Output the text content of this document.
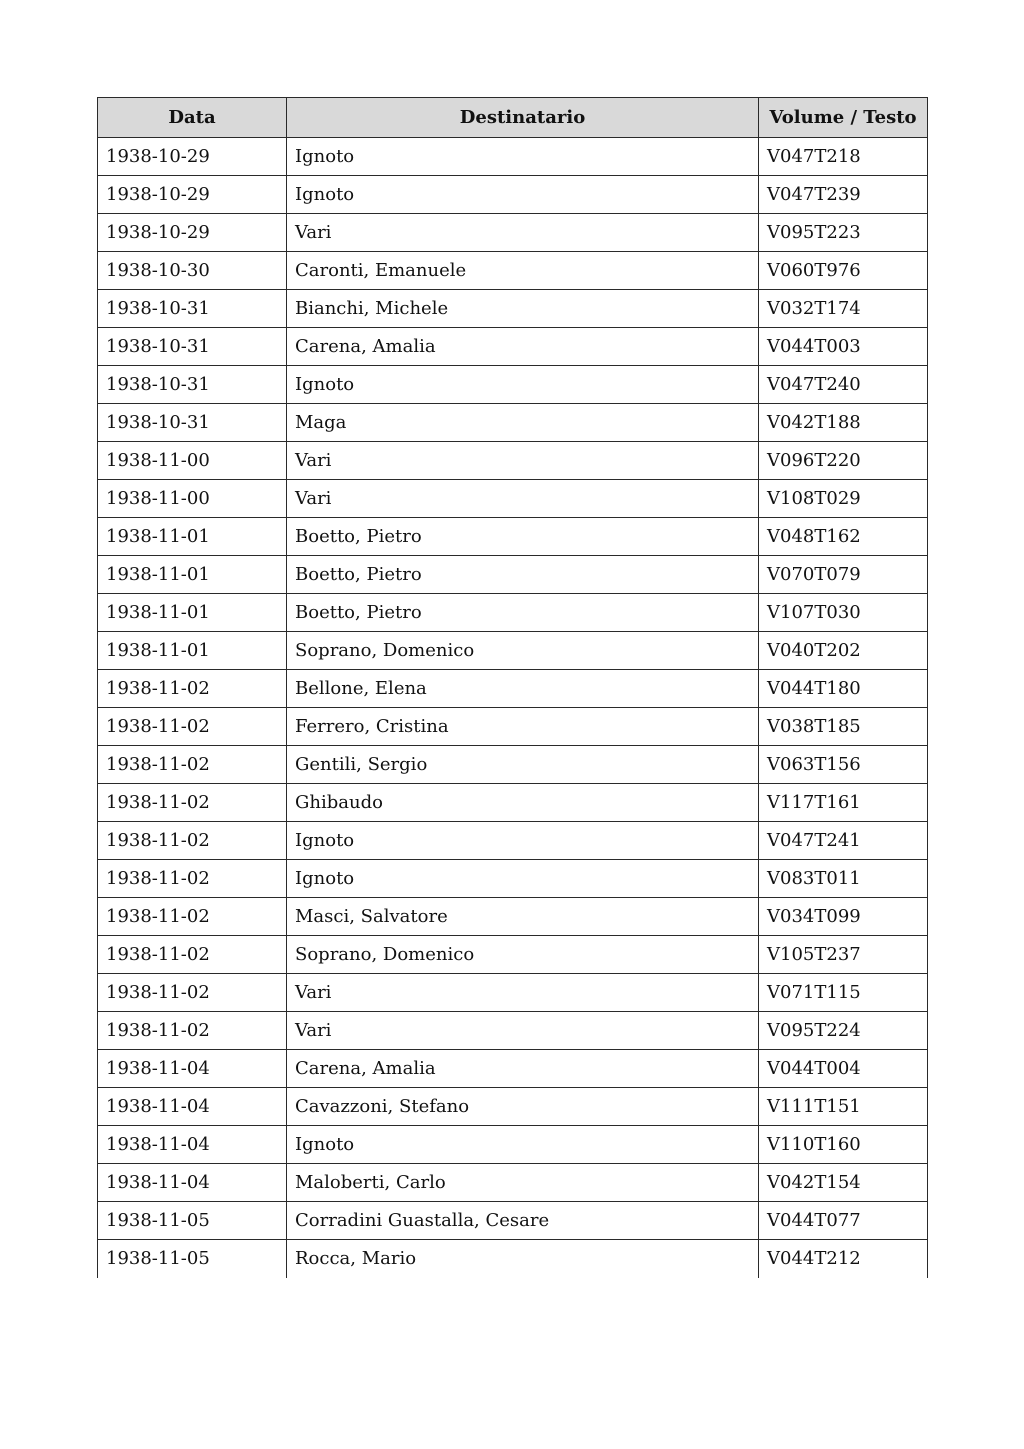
Data	Destinatario	Volume / Testo
1938-10-29	Ignoto	V047T218
1938-10-29	Ignoto	V047T239
1938-10-29	Vari	V095T223
1938-10-30	Caronti, Emanuele	V060T976
1938-10-31	Bianchi, Michele	V032T174
1938-10-31	Carena, Amalia	V044T003
1938-10-31	Ignoto	V047T240
1938-10-31	Maga	V042T188
1938-11-00	Vari	V096T220
1938-11-00	Vari	V108T029
1938-11-01	Boetto, Pietro	V048T162
1938-11-01	Boetto, Pietro	V070T079
1938-11-01	Boetto, Pietro	V107T030
1938-11-01	Soprano, Domenico	V040T202
1938-11-02	Bellone, Elena	V044T180
1938-11-02	Ferrero, Cristina	V038T185
1938-11-02	Gentili, Sergio	V063T156
1938-11-02	Ghibaudo	V117T161
1938-11-02	Ignoto	V047T241
1938-11-02	Ignoto	V083T011
1938-11-02	Masci, Salvatore	V034T099
1938-11-02	Soprano, Domenico	V105T237
1938-11-02	Vari	V071T115
1938-11-02	Vari	V095T224
1938-11-04	Carena, Amalia	V044T004
1938-11-04	Cavazzoni, Stefano	V111T151
1938-11-04	Ignoto	V110T160
1938-11-04	Maloberti, Carlo	V042T154
1938-11-05	Corradini Guastalla, Cesare	V044T077
1938-11-05	Rocca, Mario	V044T212
